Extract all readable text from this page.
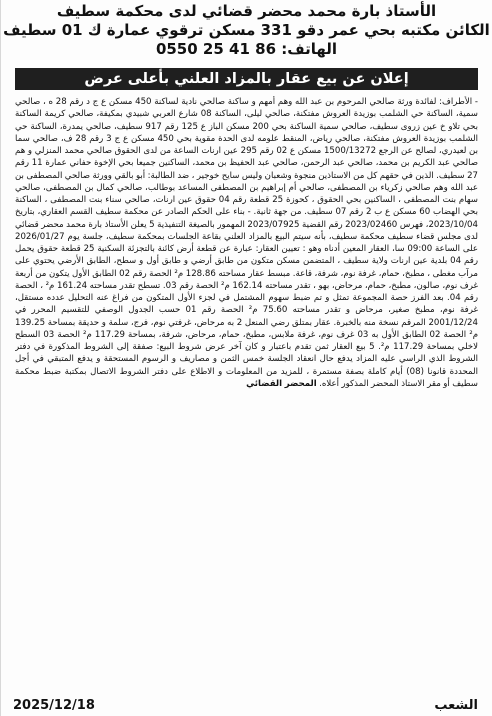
الأستاذ بارة محمد محضر قضائي لدى محكمة سطيف
الكائن مكتبه بحي عمر دقو 331 مسكن ترقوي عمارة ك 01 سطيف
الهاتف: 86 41 25 0550
إعلان عن بيع عقار بالمزاد العلني بأعلى عرض
- الأطراف: لفائدة ورثة صالحي المرحوم بن عبد الله وهم أمهم و ساكنة صالحي نادية لساكنة 450 مسكن ع ج د رقم 28 ه ، صالحي سمية، الساكنة حي الشلمب بوزيدة العروش مفتكنة، صالحي ليلى، الساكنة 08 شارع العربي شبيدي بمكيفة، صالحي كريمة الساكنة بحي تلاو خ عين زروى سطيف، صالحي سمية الساكنة بحي 200 مسكن الباز ع 125 رقم 917 سطيف، صالحي يمدرة، الساكنة حي الشلمب بوزيدة العروش مفتكنة، صالحي رياض، المنقط علومه لدى الحدة مقوية بحي 450 مسكن ع ج 3 رقم 28 ف، صالحي سما بن لعيدري، لصالح عن الرجع 1500/13272 مسكن ع 02 رقم 295 عين ارنات الساعة من لدى الحقوق صالحي محمد المنزلي و هم صالحي عبد الكريم بن محمد، صالحي عبد الرحمن، صالحي عبد الحفيظ بن محمد، الساكنين جميعا بحي الإخوة حفاني عمارة 11 رقم 27 سطيف. الذين في حقهم كل من الاستاذين منجوة وشعبان وليس سايح خوجير ، ضد الطالبة: أبو بالقي وورثة صالحي المصطفى بن عبد الله وهم صالحي زكرياء بن المصطفى، صالحي أم إبراهيم بن المصطفى المساعد بوطالب، صالحي كمال بن المصطفى، صالحي سهام بنت المصطفى ، الساكنين بحي الحقوق ، كحوزة 25 قطعة رقم 04 حقوق عين ارنات، صالحي سناء بنت المصطفى ، الساكنة بحي الهضاب 60 مسكن ع ب 2 رقم 07 سطيف. من جهة ثانية. - بناء على الحكم الصادر عن محكمة سطيف القسم العقاري، بتاريخ 2023/10/04، فهرس 2023/02460 رقم القضية 2023/07925 المهمور بالصيغة التنفيذية 5 يعلن الأستاذ بارة محمد محضر قضائي لدى مجلس قضاء سطيف محكمة سطيف، بأنه سيتم البيع بالمزاد العلني بقاعة الجلسات بمحكمة سطيف، جلسة يوم 2026/01/27 على الساعة 09:00 سا، العقار المعين أدناه وهو : تعيين العقار: عبارة عن قطعة أرض كائنة بالتجزئة السكنية 25 قطعة حقوق يحمل رقم 04 بلدية عين ارنات ولاية سطيف ، المتضمن مسكن متكون من طابق أرضي و طابق أول و سطح، الطابق الأرضي يحتوي على مرآب مغطى ، مطبخ، حمام، غرفة نوم، شرفة، قاعة. مبسط عقار مساحته 128.86 م² الحصة رقم 02 الطابق الأول يتكون من أربعة غرف نوم، صالون، مطبخ، حمام، مرحاض، بهو ، تقدر مساحته 162.14 م² الحصة رقم 03. تسطح تقدر مساحته 161.24 م² ، الحصة رقم 04. بعد الفرز حصة المجموعة تمثل و تم ضبط سهوم المشتمل في لجزء الأول المتكون من فراغ عنه التحليل عدده مستقل، غرفة نوم، مطبخ صغير، مرحاض و تقدر مساحته 75.60 م² الحصة رقم 01 حسب الجدول الوصفي للتقسيم المحرر في 2001/12/24 المرقم نسخة منه بالخبرة. عقار بمتلق رضي المنعل 2 به مرحاض، غرفتي نوم، فرج، سلمة و حديقة بمساحة 139.25 م² الحصة 02 الطابق الأول به 03 غرف نوم، غرفة ملابس، مطبخ، حمام، مرحاض، شرفة، بمساحة 117.29 م² الحصة 03 السطح لاخلي بمساحة 117.29 م². 5 بيع العقار ثمن تقدم باعتبار و كان آخر عرض شروط البيع: صفقة إلى الشروط المذكورة في دفتر الشروط الذي الراسي عليه المزاد يدفع حال انعقاد الجلسة خمس الثمن و مصاريف و الرسوم المستحقة و يدفع المتبقي في أجل المحددة قانونا (08) أيام كاملة بصفة مستمرة ، للمزيد من المعلومات و الاطلاع على دفتر الشروط الاتصال بمكتبة ضبط محكمة سطيف أو مقر الاستاذ المحضر المذكور أعلاه. المحضر القضائي
2025/12/18	الشعب
